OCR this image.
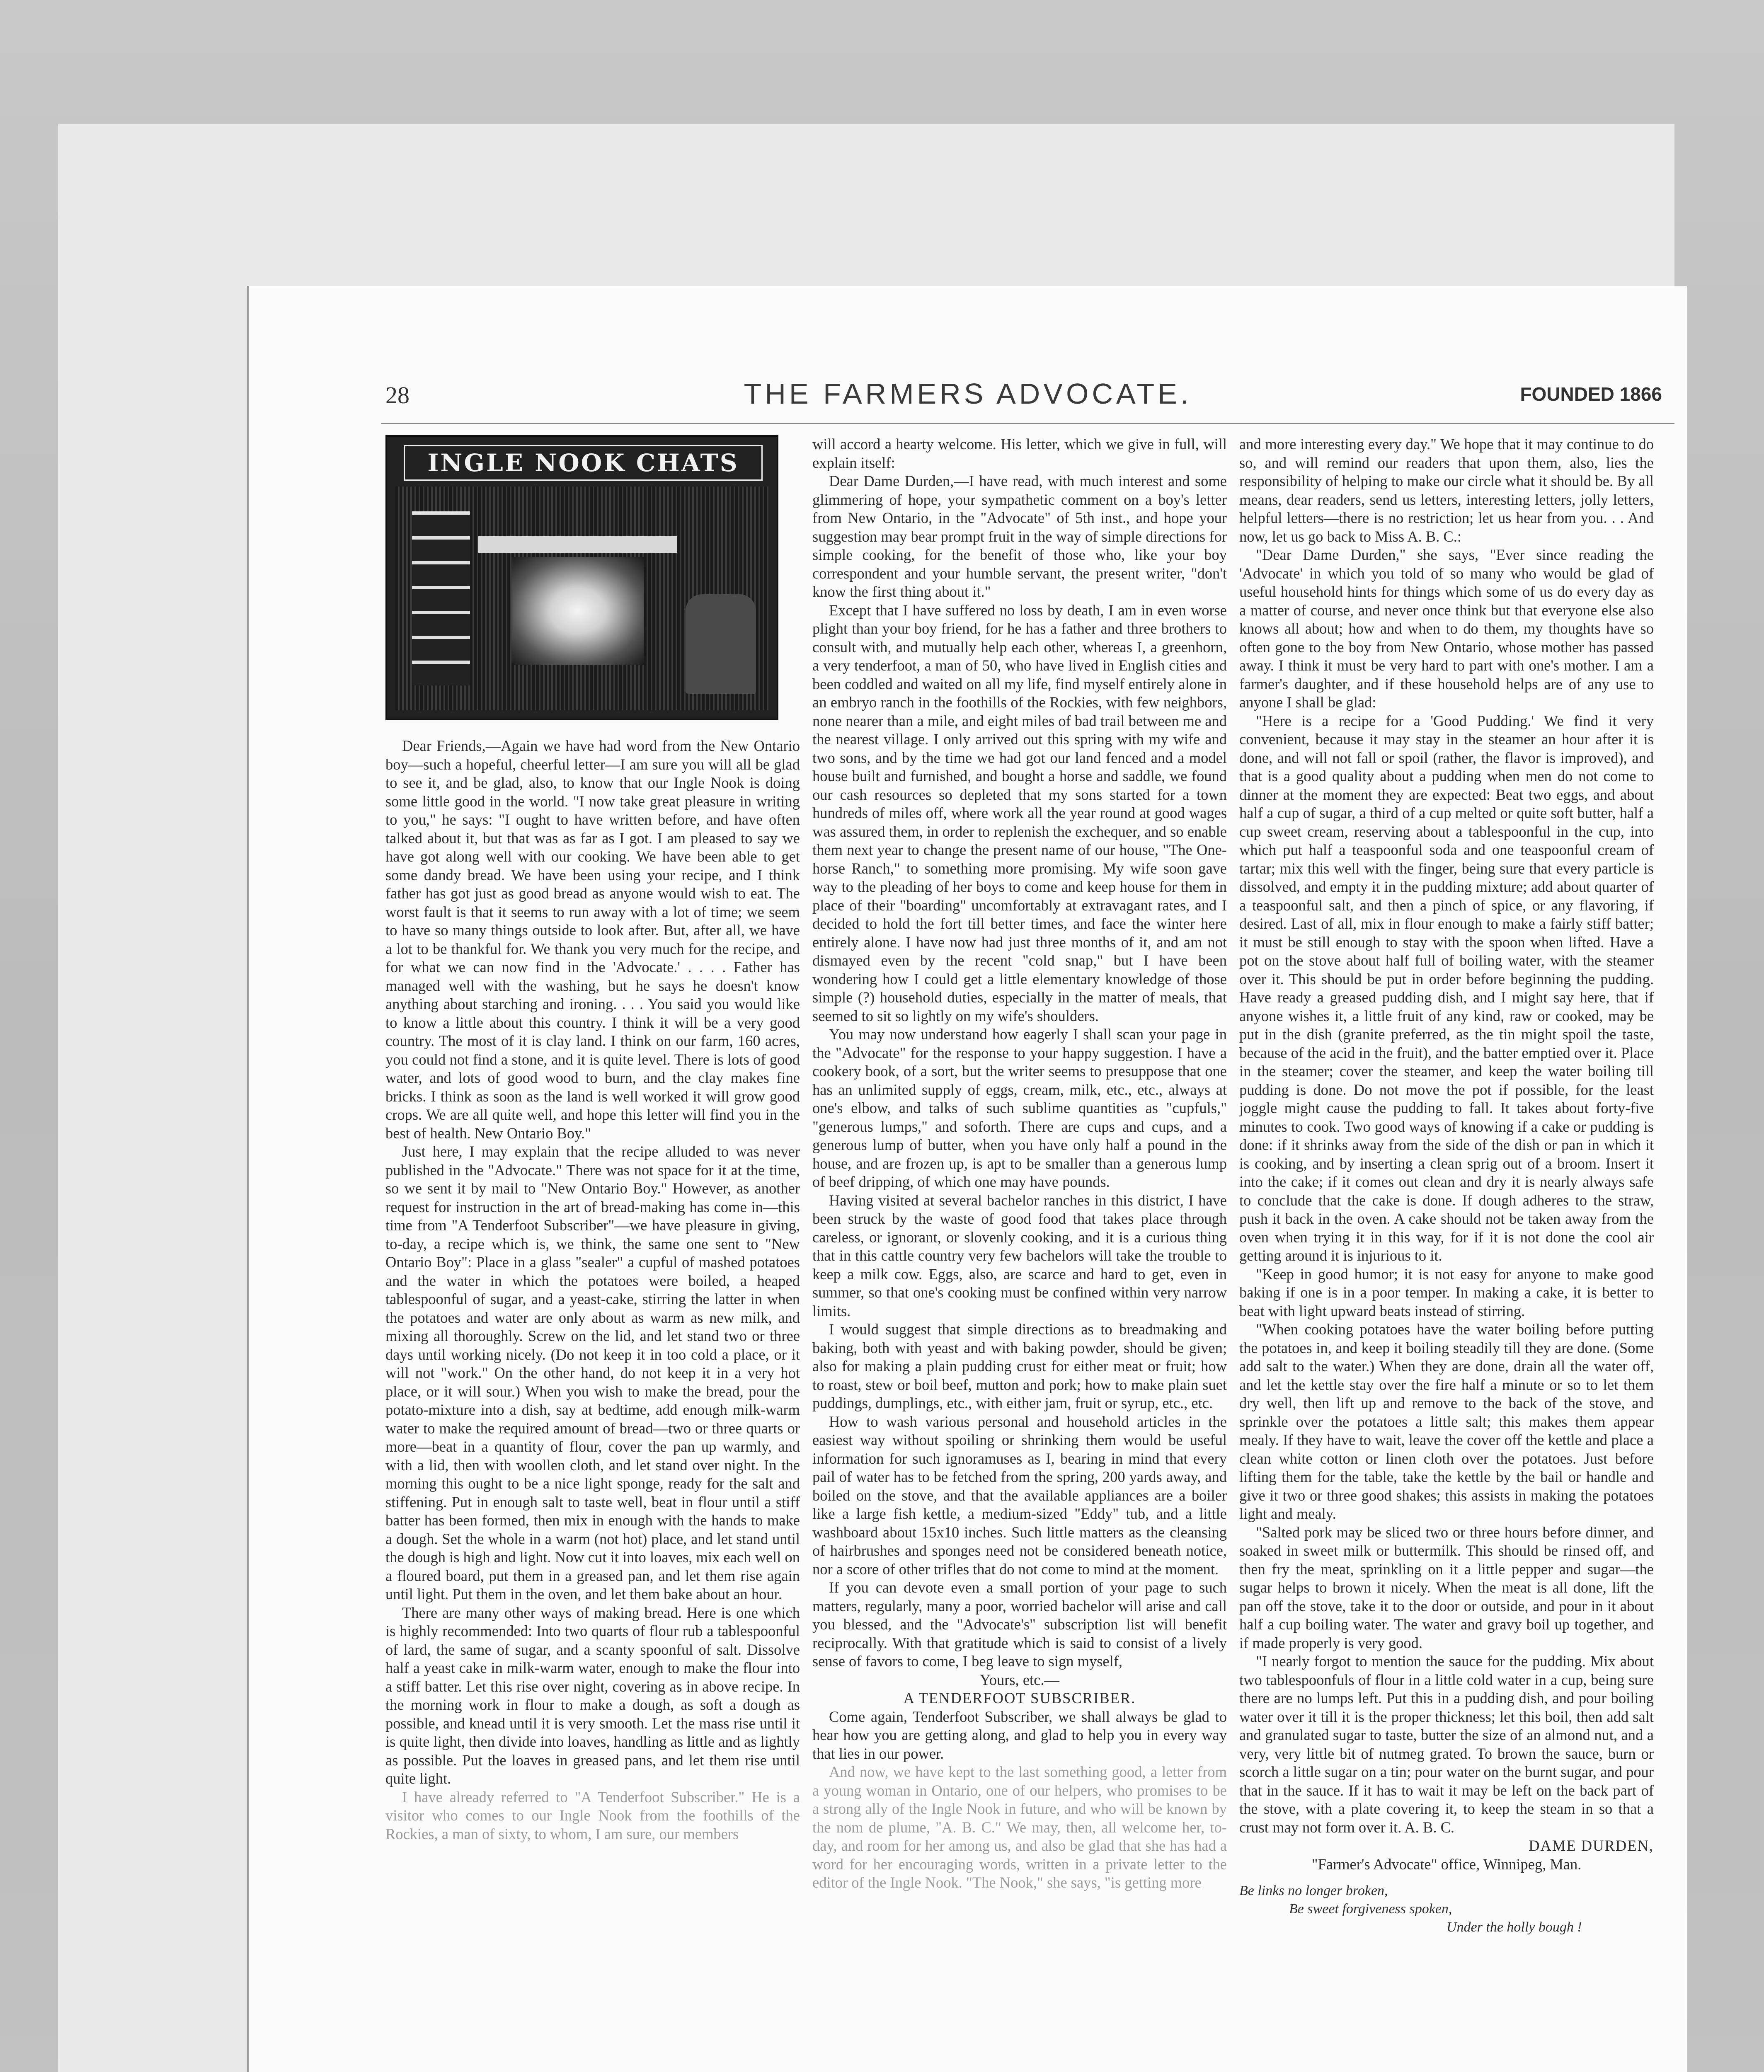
28	THE FARMERS ADVOCATE.	FOUNDED 1866
INGLE NOOK CHATS

Dear Friends,—Again we have had word from the New Ontario boy—such a hopeful, cheerful letter—I am sure you will all be glad to see it, and be glad, also, to know that our Ingle Nook is doing some little good in the world. "I now take great pleasure in writing to you," he says: "I ought to have written before, and have often talked about it, but that was as far as I got. I am pleased to say we have got along well with our cooking. We have been able to get some dandy bread. We have been using your recipe, and I think father has got just as good bread as anyone would wish to eat. The worst fault is that it seems to run away with a lot of time; we seem to have so many things outside to look after. But, after all, we have a lot to be thankful for. We thank you very much for the recipe, and for what we can now find in the 'Advocate.' . . . . Father has managed well with the washing, but he says he doesn't know anything about starching and ironing. . . . You said you would like to know a little about this country. I think it will be a very good country. The most of it is clay land. I think on our farm, 160 acres, you could not find a stone, and it is quite level. There is lots of good water, and lots of good wood to burn, and the clay makes fine bricks. I think as soon as the land is well worked it will grow good crops. We are all quite well, and hope this letter will find you in the best of health. New Ontario Boy."

Just here, I may explain that the recipe alluded to was never published in the "Advocate." There was not space for it at the time, so we sent it by mail to "New Ontario Boy." However, as another request for instruction in the art of bread-making has come in—this time from "A Tenderfoot Subscriber"—we have pleasure in giving, to-day, a recipe which is, we think, the same one sent to "New Ontario Boy": Place in a glass "sealer" a cupful of mashed potatoes and the water in which the potatoes were boiled, a heaped tablespoonful of sugar, and a yeast-cake, stirring the latter in when the potatoes and water are only about as warm as new milk, and mixing all thoroughly. Screw on the lid, and let stand two or three days until working nicely. (Do not keep it in too cold a place, or it will not "work." On the other hand, do not keep it in a very hot place, or it will sour.) When you wish to make the bread, pour the potato-mixture into a dish, say at bedtime, add enough milk-warm water to make the required amount of bread—two or three quarts or more—beat in a quantity of flour, cover the pan up warmly, and with a lid, then with woollen cloth, and let stand over night. In the morning this ought to be a nice light sponge, ready for the salt and stiffening. Put in enough salt to taste well, beat in flour until a stiff batter has been formed, then mix in enough with the hands to make a dough. Set the whole in a warm (not hot) place, and let stand until the dough is high and light. Now cut it into loaves, mix each well on a floured board, put them in a greased pan, and let them rise again until light. Put them in the oven, and let them bake about an hour.

There are many other ways of making bread. Here is one which is highly recommended: Into two quarts of flour rub a tablespoonful of lard, the same of sugar, and a scanty spoonful of salt. Dissolve half a yeast cake in milk-warm water, enough to make the flour into a stiff batter. Let this rise over night, covering as in above recipe. In the morning work in flour to make a dough, as soft a dough as possible, and knead until it is very smooth. Let the mass rise until it is quite light, then divide into loaves, handling as little and as lightly as possible. Put the loaves in greased pans, and let them rise until quite light.

I have already referred to "A Tenderfoot Subscriber." He is a visitor who comes to our Ingle Nook from the foothills of the Rockies, a man of sixty, to whom, I am sure, our members

will accord a hearty welcome. His letter, which we give in full, will explain itself:

Dear Dame Durden,—I have read, with much interest and some glimmering of hope, your sympathetic comment on a boy's letter from New Ontario, in the "Advocate" of 5th inst., and hope your suggestion may bear prompt fruit in the way of simple directions for simple cooking, for the benefit of those who, like your boy correspondent and your humble servant, the present writer, "don't know the first thing about it."

Except that I have suffered no loss by death, I am in even worse plight than your boy friend, for he has a father and three brothers to consult with, and mutually help each other, whereas I, a greenhorn, a very tenderfoot, a man of 50, who have lived in English cities and been coddled and waited on all my life, find myself entirely alone in an embryo ranch in the foothills of the Rockies, with few neighbors, none nearer than a mile, and eight miles of bad trail between me and the nearest village. I only arrived out this spring with my wife and two sons, and by the time we had got our land fenced and a model house built and furnished, and bought a horse and saddle, we found our cash resources so depleted that my sons started for a town hundreds of miles off, where work all the year round at good wages was assured them, in order to replenish the exchequer, and so enable them next year to change the present name of our house, "The One-horse Ranch," to something more promising. My wife soon gave way to the pleading of her boys to come and keep house for them in place of their "boarding" uncomfortably at extravagant rates, and I decided to hold the fort till better times, and face the winter here entirely alone. I have now had just three months of it, and am not dismayed even by the recent "cold snap," but I have been wondering how I could get a little elementary knowledge of those simple (?) household duties, especially in the matter of meals, that seemed to sit so lightly on my wife's shoulders.

You may now understand how eagerly I shall scan your page in the "Advocate" for the response to your happy suggestion. I have a cookery book, of a sort, but the writer seems to presuppose that one has an unlimited supply of eggs, cream, milk, etc., etc., always at one's elbow, and talks of such sublime quantities as "cupfuls," "generous lumps," and soforth. There are cups and cups, and a generous lump of butter, when you have only half a pound in the house, and are frozen up, is apt to be smaller than a generous lump of beef dripping, of which one may have pounds.

Having visited at several bachelor ranches in this district, I have been struck by the waste of good food that takes place through careless, or ignorant, or slovenly cooking, and it is a curious thing that in this cattle country very few bachelors will take the trouble to keep a milk cow. Eggs, also, are scarce and hard to get, even in summer, so that one's cooking must be confined within very narrow limits.

I would suggest that simple directions as to breadmaking and baking, both with yeast and with baking powder, should be given; also for making a plain pudding crust for either meat or fruit; how to roast, stew or boil beef, mutton and pork; how to make plain suet puddings, dumplings, etc., with either jam, fruit or syrup, etc., etc.

How to wash various personal and household articles in the easiest way without spoiling or shrinking them would be useful information for such ignoramuses as I, bearing in mind that every pail of water has to be fetched from the spring, 200 yards away, and boiled on the stove, and that the available appliances are a boiler like a large fish kettle, a medium-sized "Eddy" tub, and a little washboard about 15x10 inches. Such little matters as the cleansing of hairbrushes and sponges need not be considered beneath notice, nor a score of other trifles that do not come to mind at the moment.

If you can devote even a small portion of your page to such matters, regularly, many a poor, worried bachelor will arise and call you blessed, and the "Advocate's" subscription list will benefit reciprocally. With that gratitude which is said to consist of a lively sense of favors to come, I beg leave to sign myself,

Yours, etc.—
A TENDERFOOT SUBSCRIBER.

Come again, Tenderfoot Subscriber, we shall always be glad to hear how you are getting along, and glad to help you in every way that lies in our power.

And now, we have kept to the last something good, a letter from a young woman in Ontario, one of our helpers, who promises to be a strong ally of the Ingle Nook in future, and who will be known by the nom de plume, "A. B. C." We may, then, all welcome her, to-day, and room for her among us, and also be glad that she has had a word for her encouraging words, written in a private letter to the editor of the Ingle Nook. "The Nook," she says, "is getting more

and more interesting every day." We hope that it may continue to do so, and will remind our readers that upon them, also, lies the responsibility of helping to make our circle what it should be. By all means, dear readers, send us letters, interesting letters, jolly letters, helpful letters—there is no restriction; let us hear from you. . . And now, let us go back to Miss A. B. C.:

"Dear Dame Durden," she says, "Ever since reading the 'Advocate' in which you told of so many who would be glad of useful household hints for things which some of us do every day as a matter of course, and never once think but that everyone else also knows all about; how and when to do them, my thoughts have so often gone to the boy from New Ontario, whose mother has passed away. I think it must be very hard to part with one's mother. I am a farmer's daughter, and if these household helps are of any use to anyone I shall be glad:

"Here is a recipe for a 'Good Pudding.' We find it very convenient, because it may stay in the steamer an hour after it is done, and will not fall or spoil (rather, the flavor is improved), and that is a good quality about a pudding when men do not come to dinner at the moment they are expected: Beat two eggs, and about half a cup of sugar, a third of a cup melted or quite soft butter, half a cup sweet cream, reserving about a tablespoonful in the cup, into which put half a teaspoonful soda and one teaspoonful cream of tartar; mix this well with the finger, being sure that every particle is dissolved, and empty it in the pudding mixture; add about quarter of a teaspoonful salt, and then a pinch of spice, or any flavoring, if desired. Last of all, mix in flour enough to make a fairly stiff batter; it must be still enough to stay with the spoon when lifted. Have a pot on the stove about half full of boiling water, with the steamer over it. This should be put in order before beginning the pudding. Have ready a greased pudding dish, and I might say here, that if anyone wishes it, a little fruit of any kind, raw or cooked, may be put in the dish (granite preferred, as the tin might spoil the taste, because of the acid in the fruit), and the batter emptied over it. Place in the steamer; cover the steamer, and keep the water boiling till pudding is done. Do not move the pot if possible, for the least joggle might cause the pudding to fall. It takes about forty-five minutes to cook. Two good ways of knowing if a cake or pudding is done: if it shrinks away from the side of the dish or pan in which it is cooking, and by inserting a clean sprig out of a broom. Insert it into the cake; if it comes out clean and dry it is nearly always safe to conclude that the cake is done. If dough adheres to the straw, push it back in the oven. A cake should not be taken away from the oven when trying it in this way, for if it is not done the cool air getting around it is injurious to it.

"Keep in good humor; it is not easy for anyone to make good baking if one is in a poor temper. In making a cake, it is better to beat with light upward beats instead of stirring.

"When cooking potatoes have the water boiling before putting the potatoes in, and keep it boiling steadily till they are done. (Some add salt to the water.) When they are done, drain all the water off, and let the kettle stay over the fire half a minute or so to let them dry well, then lift up and remove to the back of the stove, and sprinkle over the potatoes a little salt; this makes them appear mealy. If they have to wait, leave the cover off the kettle and place a clean white cotton or linen cloth over the potatoes. Just before lifting them for the table, take the kettle by the bail or handle and give it two or three good shakes; this assists in making the potatoes light and mealy.

"Salted pork may be sliced two or three hours before dinner, and soaked in sweet milk or buttermilk. This should be rinsed off, and then fry the meat, sprinkling on it a little pepper and sugar—the sugar helps to brown it nicely. When the meat is all done, lift the pan off the stove, take it to the door or outside, and pour in it about half a cup boiling water. The water and gravy boil up together, and if made properly is very good.

"I nearly forgot to mention the sauce for the pudding. Mix about two tablespoonfuls of flour in a little cold water in a cup, being sure there are no lumps left. Put this in a pudding dish, and pour boiling water over it till it is the proper thickness; let this boil, then add salt and granulated sugar to taste, butter the size of an almond nut, and a very, very little bit of nutmeg grated. To brown the sauce, burn or scorch a little sugar on a tin; pour water on the burnt sugar, and pour that in the sauce. If it has to wait it may be left on the back part of the stove, with a plate covering it, to keep the steam in so that a crust may not form over it. A. B. C.

DAME DURDEN,
"Farmer's Advocate" office, Winnipeg, Man.
Be links no longer broken,
Be sweet forgiveness spoken,
Under the holly bough !
